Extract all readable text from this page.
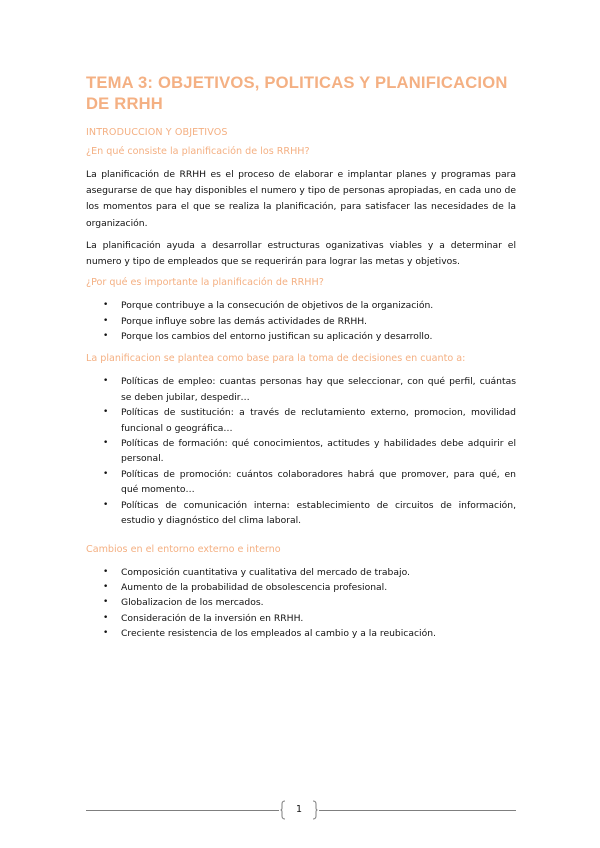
TEMA 3: OBJETIVOS, POLITICAS Y PLANIFICACION DE RRHH
INTRODUCCION Y OBJETIVOS
¿En qué consiste la planificación de los RRHH?

La planificación de RRHH es el proceso de elaborar e implantar planes y programas para asegurarse de que hay disponibles el numero y tipo de personas apropiadas, en cada uno de los momentos para el que se realiza la planificación, para satisfacer las necesidades de la organización.

La planificación ayuda a desarrollar estructuras oganizativas viables y a determinar el numero y tipo de empleados que se requerirán para lograr las metas y objetivos.

¿Por qué es importante la planificación de RRHH?
• Porque contribuye a la consecución de objetivos de la organización.
• Porque influye sobre las demás actividades de RRHH.
• Porque los cambios del entorno justifican su aplicación y desarrollo.
La planificacion se plantea como base para la toma de decisiones en cuanto a:
• Políticas de empleo: cuantas personas hay que seleccionar, con qué perfil, cuántas se deben jubilar, despedir…
• Políticas de sustitución: a través de reclutamiento externo, promocion, movilidad funcional o geográfica…
• Políticas de formación: qué conocimientos, actitudes y habilidades debe adquirir el personal.
• Políticas de promoción: cuántos colaboradores habrá que promover, para qué, en qué momento…
• Políticas de comunicación interna: establecimiento de circuitos de información, estudio y diagnóstico del clima laboral.
Cambios en el entorno externo e interno
• Composición cuantitativa y cualitativa del mercado de trabajo.
• Aumento de la probabilidad de obsolescencia profesional.
• Globalizacion de los mercados.
• Consideración de la inversión en RRHH.
• Creciente resistencia de los empleados al cambio y a la reubicación.
1
